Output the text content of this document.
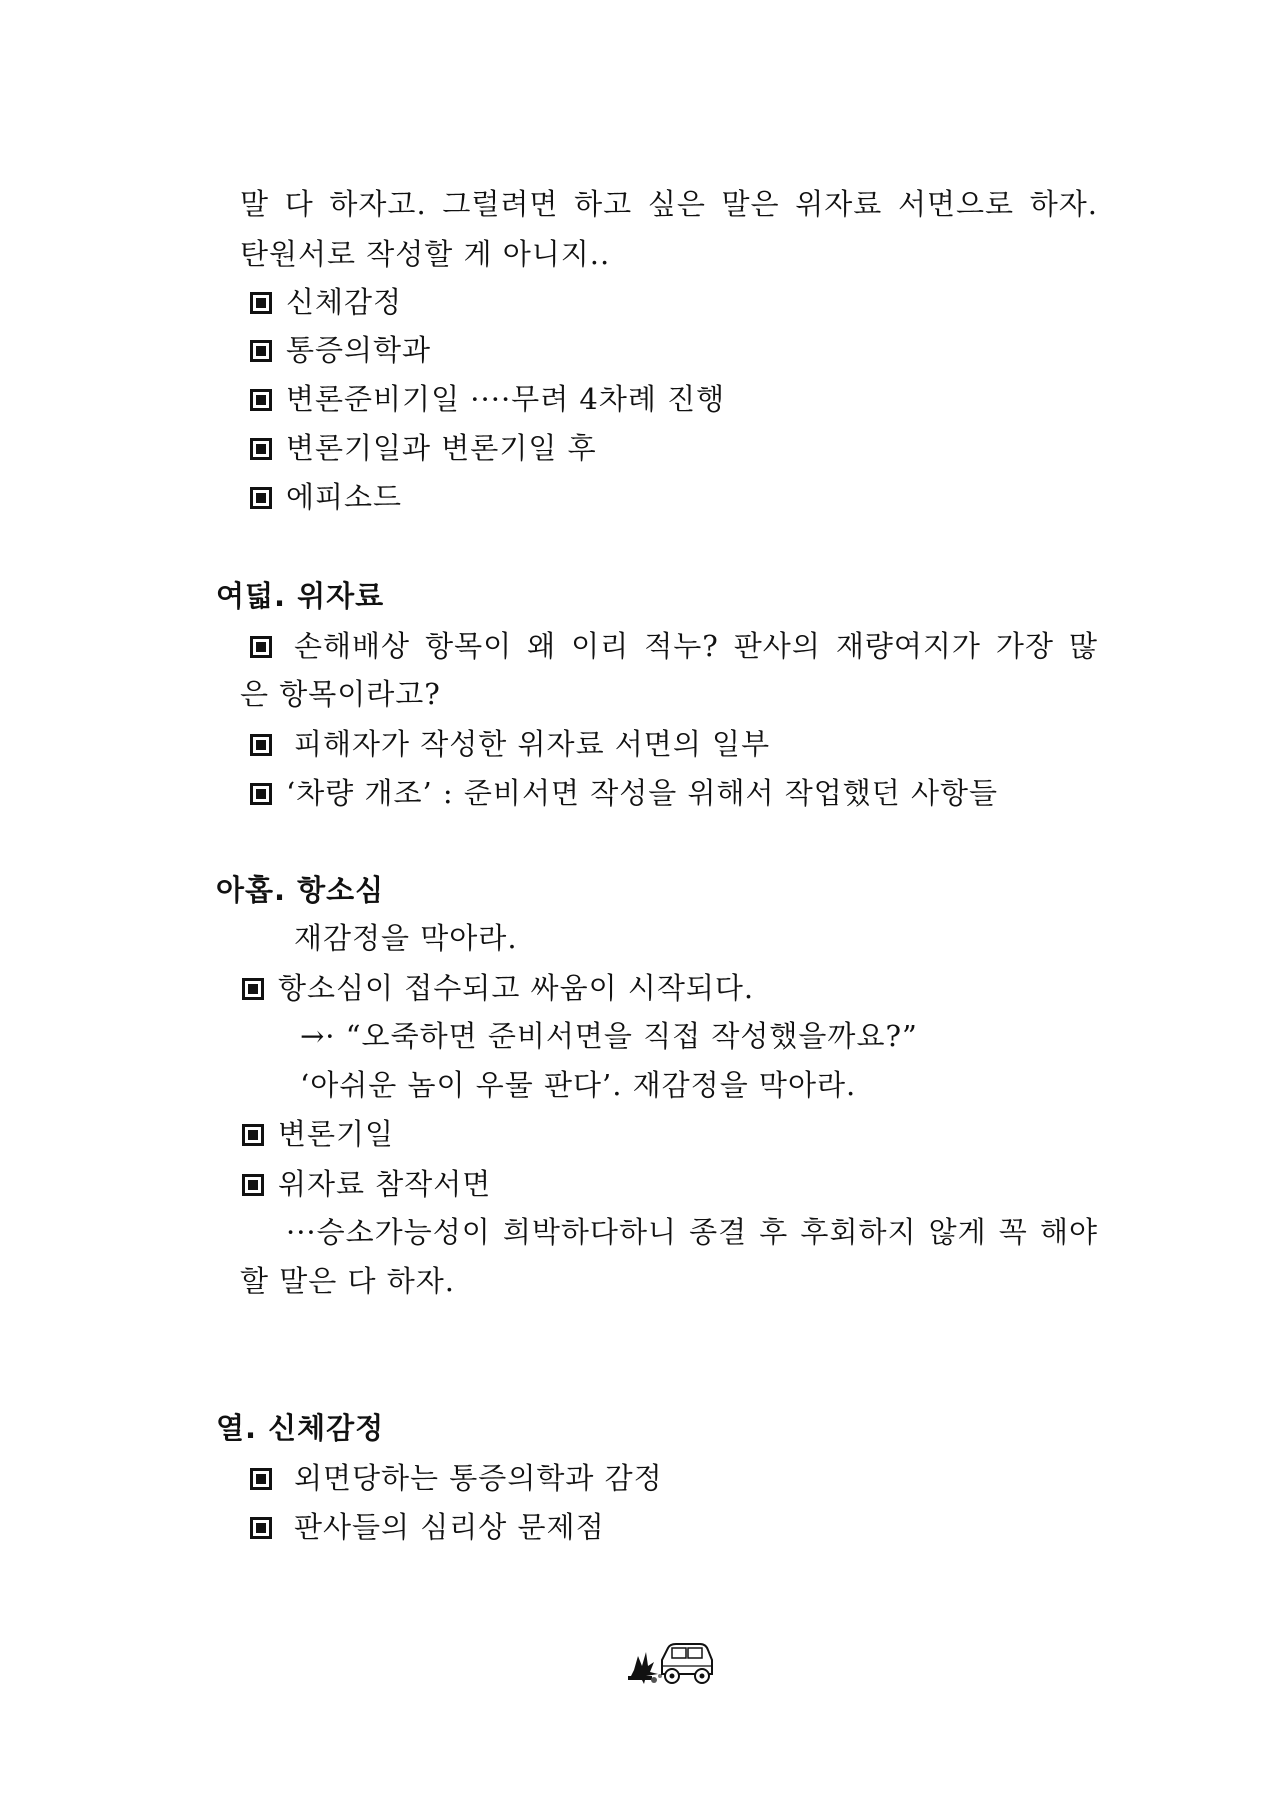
말 다 하자고. 그럴려면 하고 싶은 말은 위자료 서면으로 하자.
탄원서로 작성할 게 아니지..
신체감정
통증의학과
변론준비기일 ····무려 4차례 진행
변론기일과 변론기일 후
에피소드
여덟. 위자료
손해배상 항목이 왜 이리 적누? 판사의 재량여지가 가장 많
은 항목이라고?
피해자가 작성한 위자료 서면의 일부
‘차량 개조’ : 준비서면 작성을 위해서 작업했던 사항들
아홉. 항소심
재감정을 막아라.
항소심이 접수되고 싸움이 시작되다.
→· “오죽하면 준비서면을 직접 작성했을까요?”
‘아쉬운 놈이 우물 판다’. 재감정을 막아라.
변론기일
위자료 참작서면
···승소가능성이 희박하다하니 종결 후 후회하지 않게 꼭 해야
할 말은 다 하자.
열. 신체감정
외면당하는 통증의학과 감정
판사들의 심리상 문제점
